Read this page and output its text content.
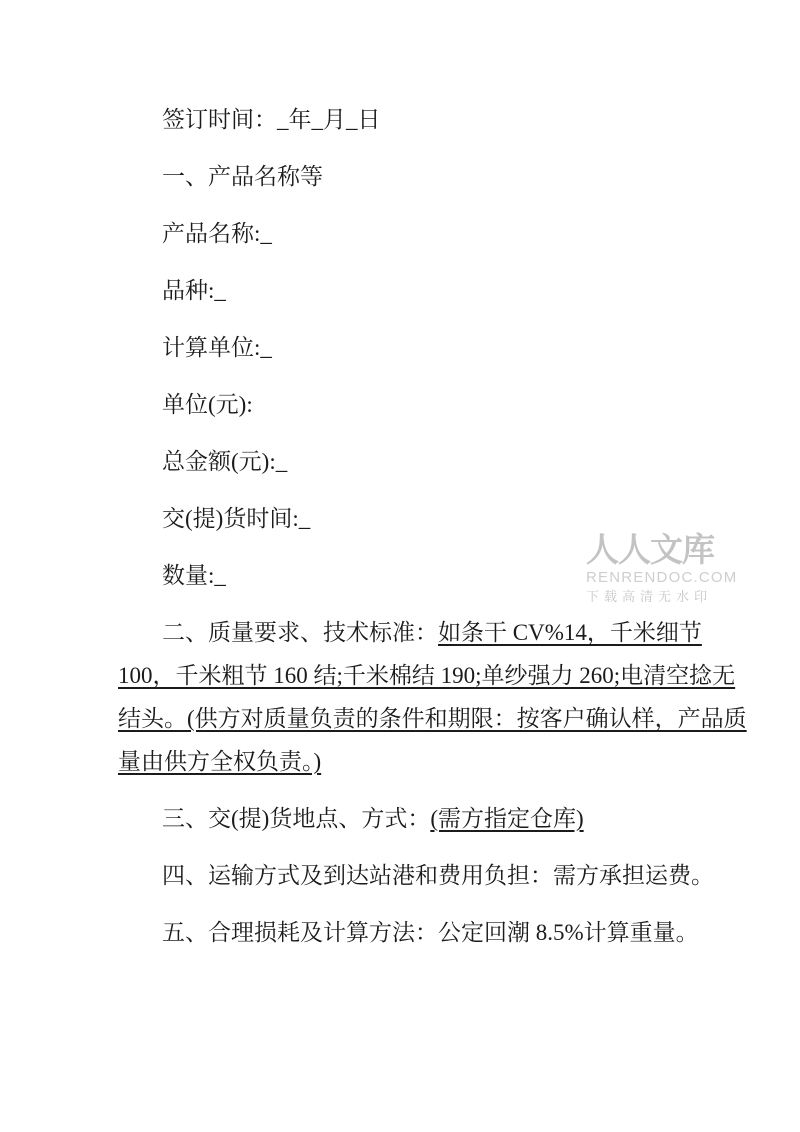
签订时间：_年_月_日
一、产品名称等
产品名称:_
品种:_
计算单位:_
单位(元):
总金额(元):_
交(提)货时间:_
数量:_
二、质量要求、技术标准：如条干 CV%14，千米细节
100，千米粗节 160 结;千米棉结 190;单纱强力 260;电清空捻无
结头。(供方对质量负责的条件和期限：按客户确认样，产品质
量由供方全权负责。)
三、交(提)货地点、方式：(需方指定仓库)
四、运输方式及到达站港和费用负担：需方承担运费。
五、合理损耗及计算方法：公定回潮 8.5%计算重量。
人人文库
RENRENDOC.COM
下载高清无水印
